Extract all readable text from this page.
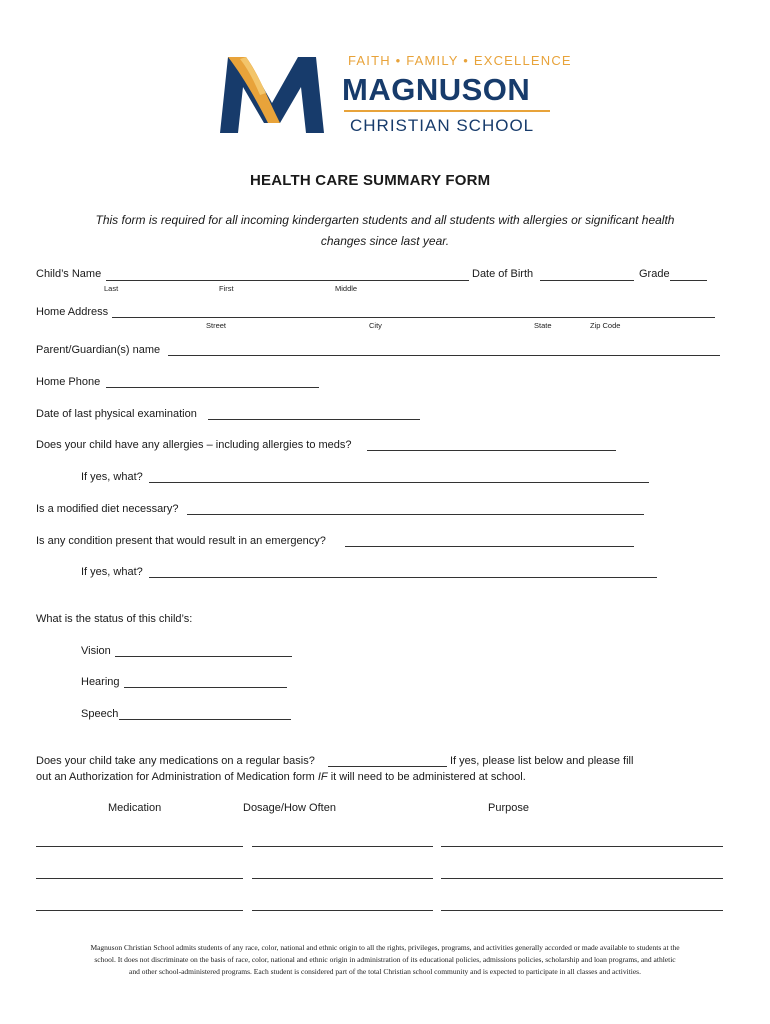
FAITH • FAMILY • EXCELLENCE
MAGNUSON
CHRISTIAN SCHOOL
HEALTH CARE SUMMARY FORM
This form is required for all incoming kindergarten students and all students with allergies or significant health
changes since last year.
Child’s Name
Last	First	Middle
Date of Birth	Grade
Home Address
Street	City	State	Zip Code
Parent/Guardian(s) name
Home Phone
Date of last physical examination
Does your child have any allergies – including allergies to meds?
If yes, what?
Is a modified diet necessary?
Is any condition present that would result in an emergency?
If yes, what?
What is the status of this child’s:
Vision
Hearing
Speech
Does your child take any medications on a regular basis?	If yes, please list below and please fill
out an Authorization for Administration of Medication form IF it will need to be administered at school.
Medication	Dosage/How Often	Purpose
Magnuson Christian School admits students of any race, color, national and ethnic origin to all the rights, privileges, programs, and activities generally accorded or made available to students at the
school. It does not discriminate on the basis of race, color, national and ethnic origin in administration of its educational policies, admissions policies, scholarship and loan programs, and athletic
and other school-administered programs. Each student is considered part of the total Christian school community and is expected to participate in all classes and activities.
